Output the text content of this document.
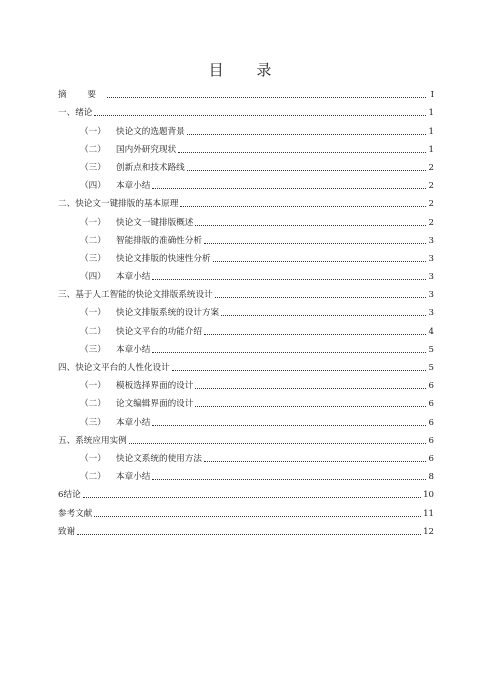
目 录
摘 要	I
一、 绪论	1
（一）	快论文的选题背景	1
（二）	国内外研究现状	1
（三）	创新点和技术路线	2
（四）	本章小结	2
二、 快论文一键排版的基本原理	2
（一）	快论文一键排版概述	2
（二）	智能排版的准确性分析	3
（三）	快论文排版的快速性分析	3
（四）	本章小结	3
三、 基于人工智能的快论文排版系统设计	3
（一）	快论文排版系统的设计方案	3
（二）	快论文平台的功能介绍	4
（三）	本章小结	5
四、 快论文平台的人性化设计	5
（一）	模板选择界面的设计	6
（二）	论文编辑界面的设计	6
（三）	本章小结	6
五、 系统应用实例	6
（一）	快论文系统的使用方法	6
（二）	本章小结	8
6 结论	10
参考文献	11
致谢	12
